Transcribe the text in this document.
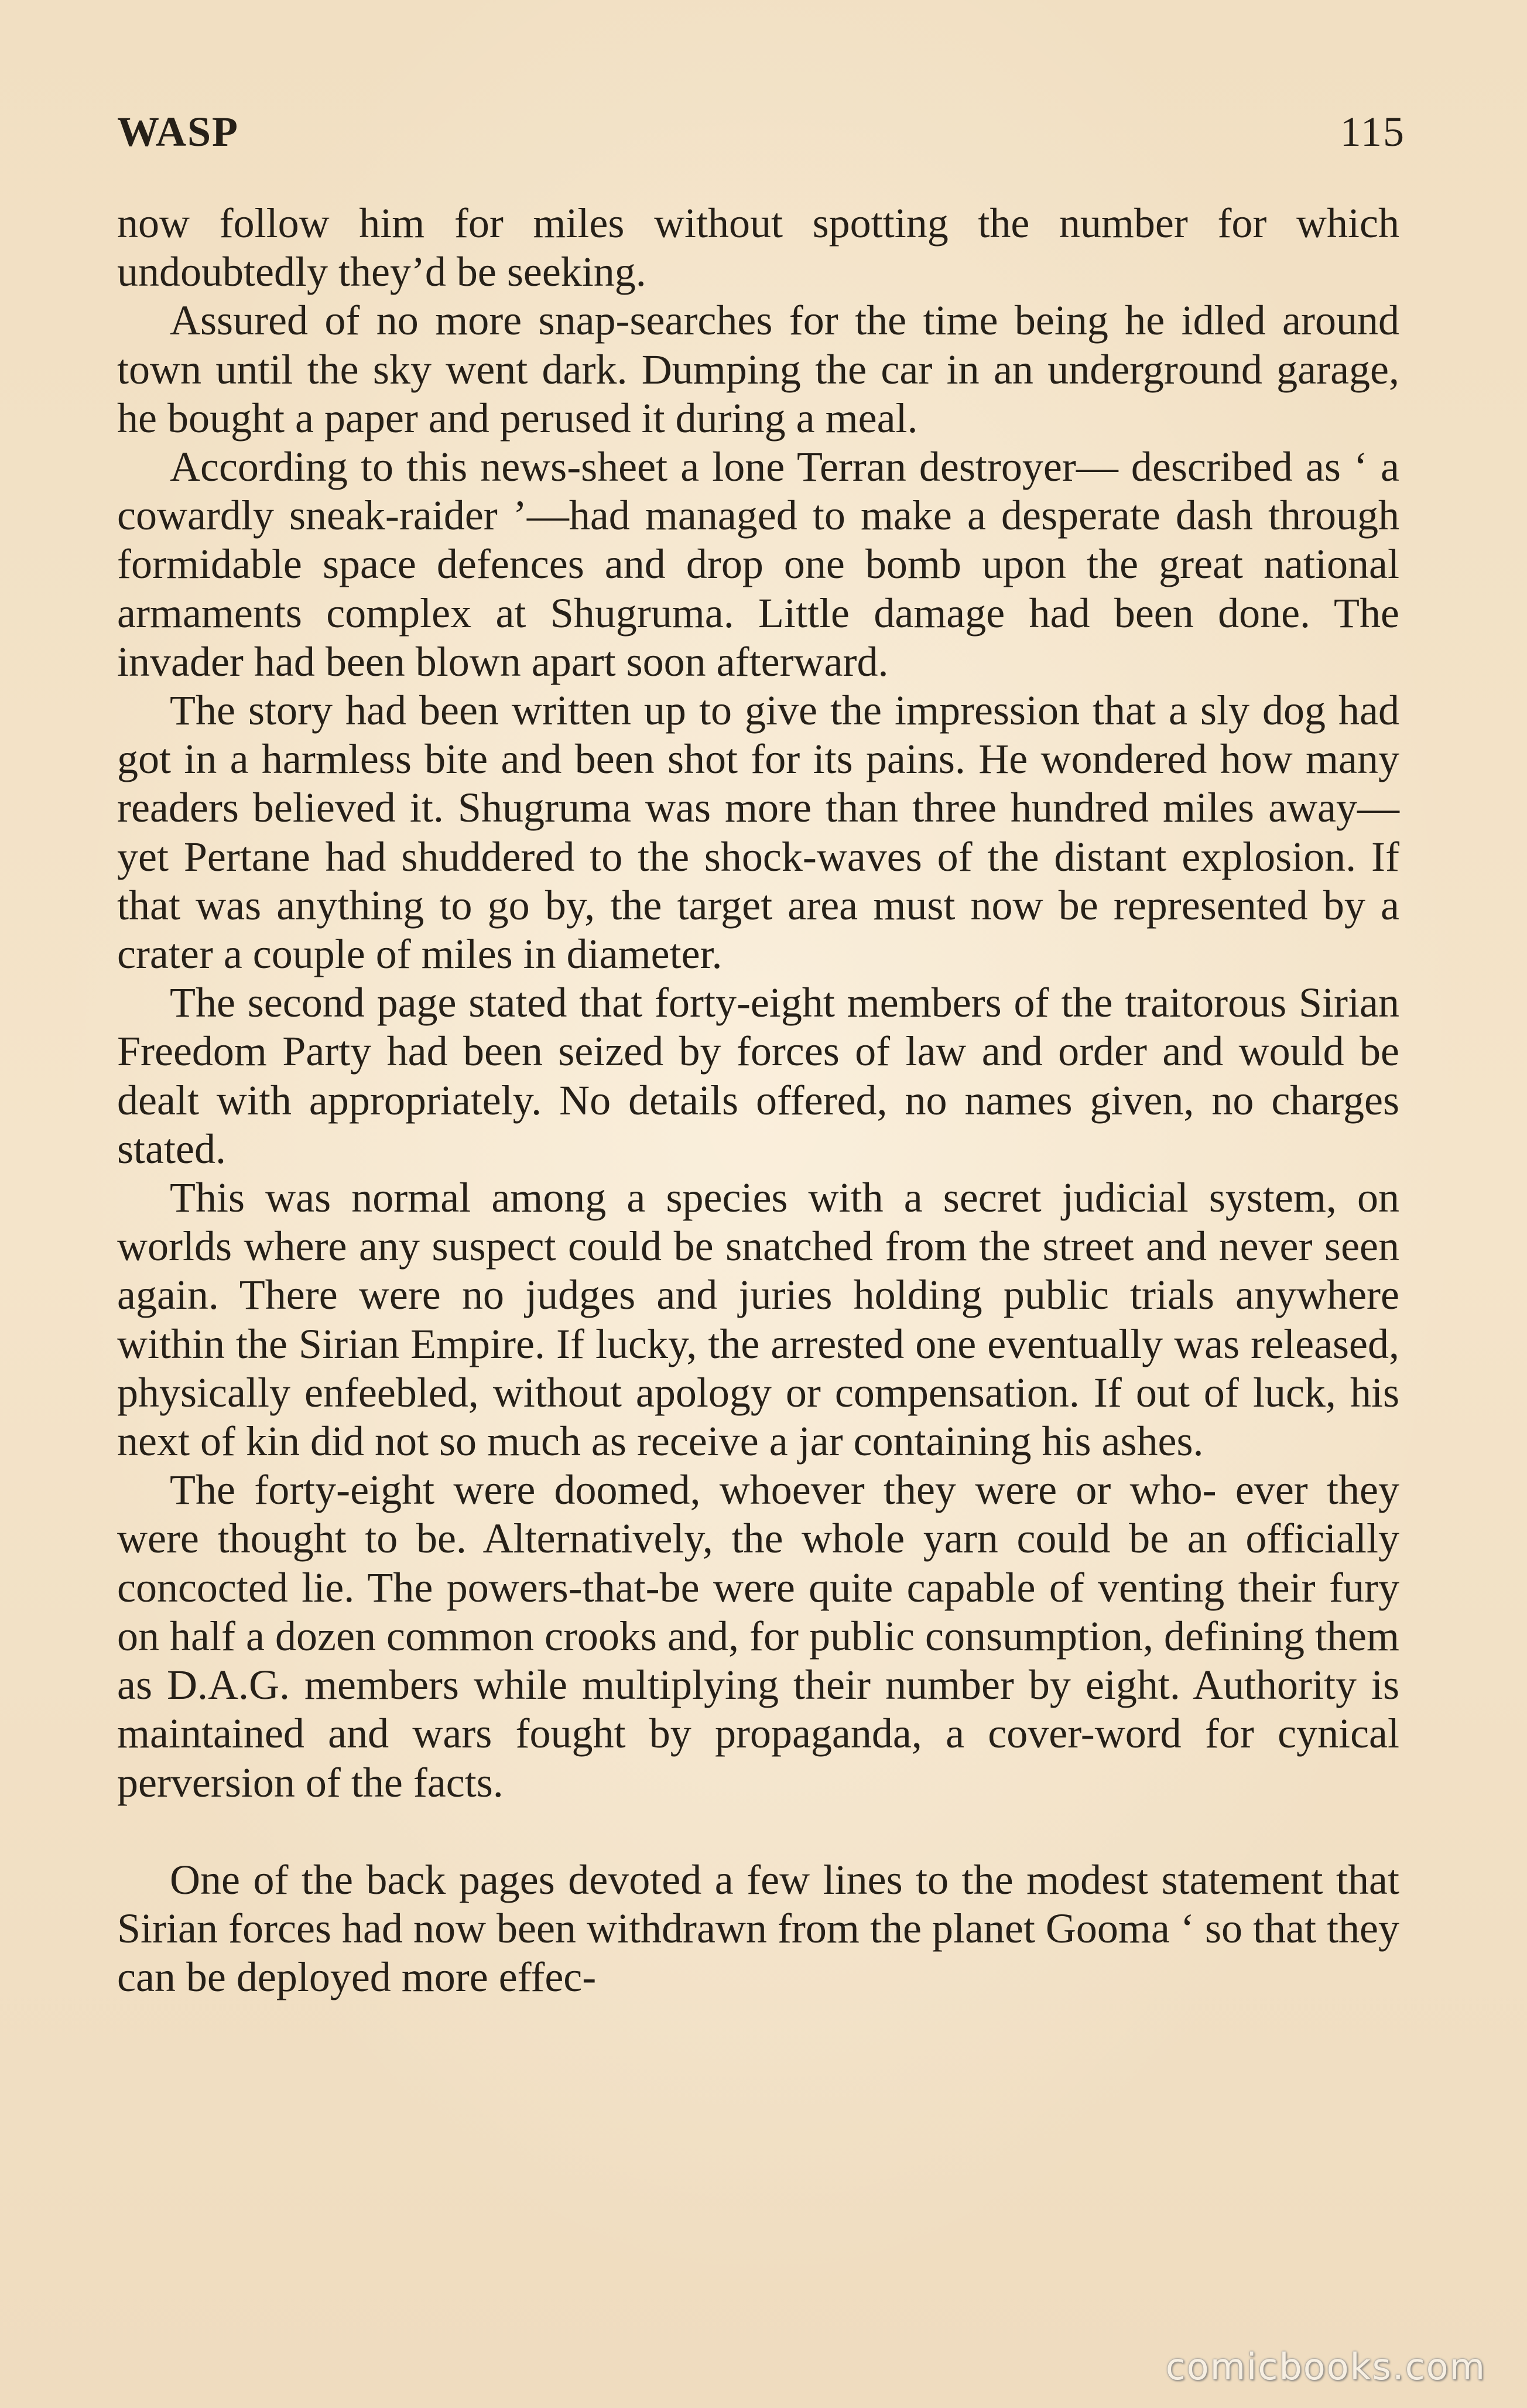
WASP	115

now follow him for miles without spotting the number for which undoubtedly they’d be seeking.

Assured of no more snap-searches for the time being he idled around town until the sky went dark. Dumping the car in an underground garage, he bought a paper and perused it during a meal.

According to this news-sheet a lone Terran destroyer— described as ‘ a cowardly sneak-raider ’—had managed to make a desperate dash through formidable space defences and drop one bomb upon the great national armaments complex at Shugruma. Little damage had been done. The invader had been blown apart soon afterward.

The story had been written up to give the impression that a sly dog had got in a harmless bite and been shot for its pains. He wondered how many readers believed it. Shugruma was more than three hundred miles away—yet Pertane had shuddered to the shock-waves of the distant explosion. If that was anything to go by, the target area must now be represented by a crater a couple of miles in diameter.

The second page stated that forty-eight members of the traitorous Sirian Freedom Party had been seized by forces of law and order and would be dealt with appropriately. No details offered, no names given, no charges stated.

This was normal among a species with a secret judicial system, on worlds where any suspect could be snatched from the street and never seen again. There were no judges and juries holding public trials anywhere within the Sirian Empire. If lucky, the arrested one eventually was released, physically enfeebled, without apology or compensation. If out of luck, his next of kin did not so much as receive a jar containing his ashes.

The forty-eight were doomed, whoever they were or who- ever they were thought to be. Alternatively, the whole yarn could be an officially concocted lie. The powers-that-be were quite capable of venting their fury on half a dozen common crooks and, for public consumption, defining them as D.A.G. members while multiplying their number by eight. Authority is maintained and wars fought by propaganda, a cover-word for cynical perversion of the facts.

One of the back pages devoted a few lines to the modest statement that Sirian forces had now been withdrawn from the planet Gooma ‘ so that they can be deployed more effec-

comicbooks.com
